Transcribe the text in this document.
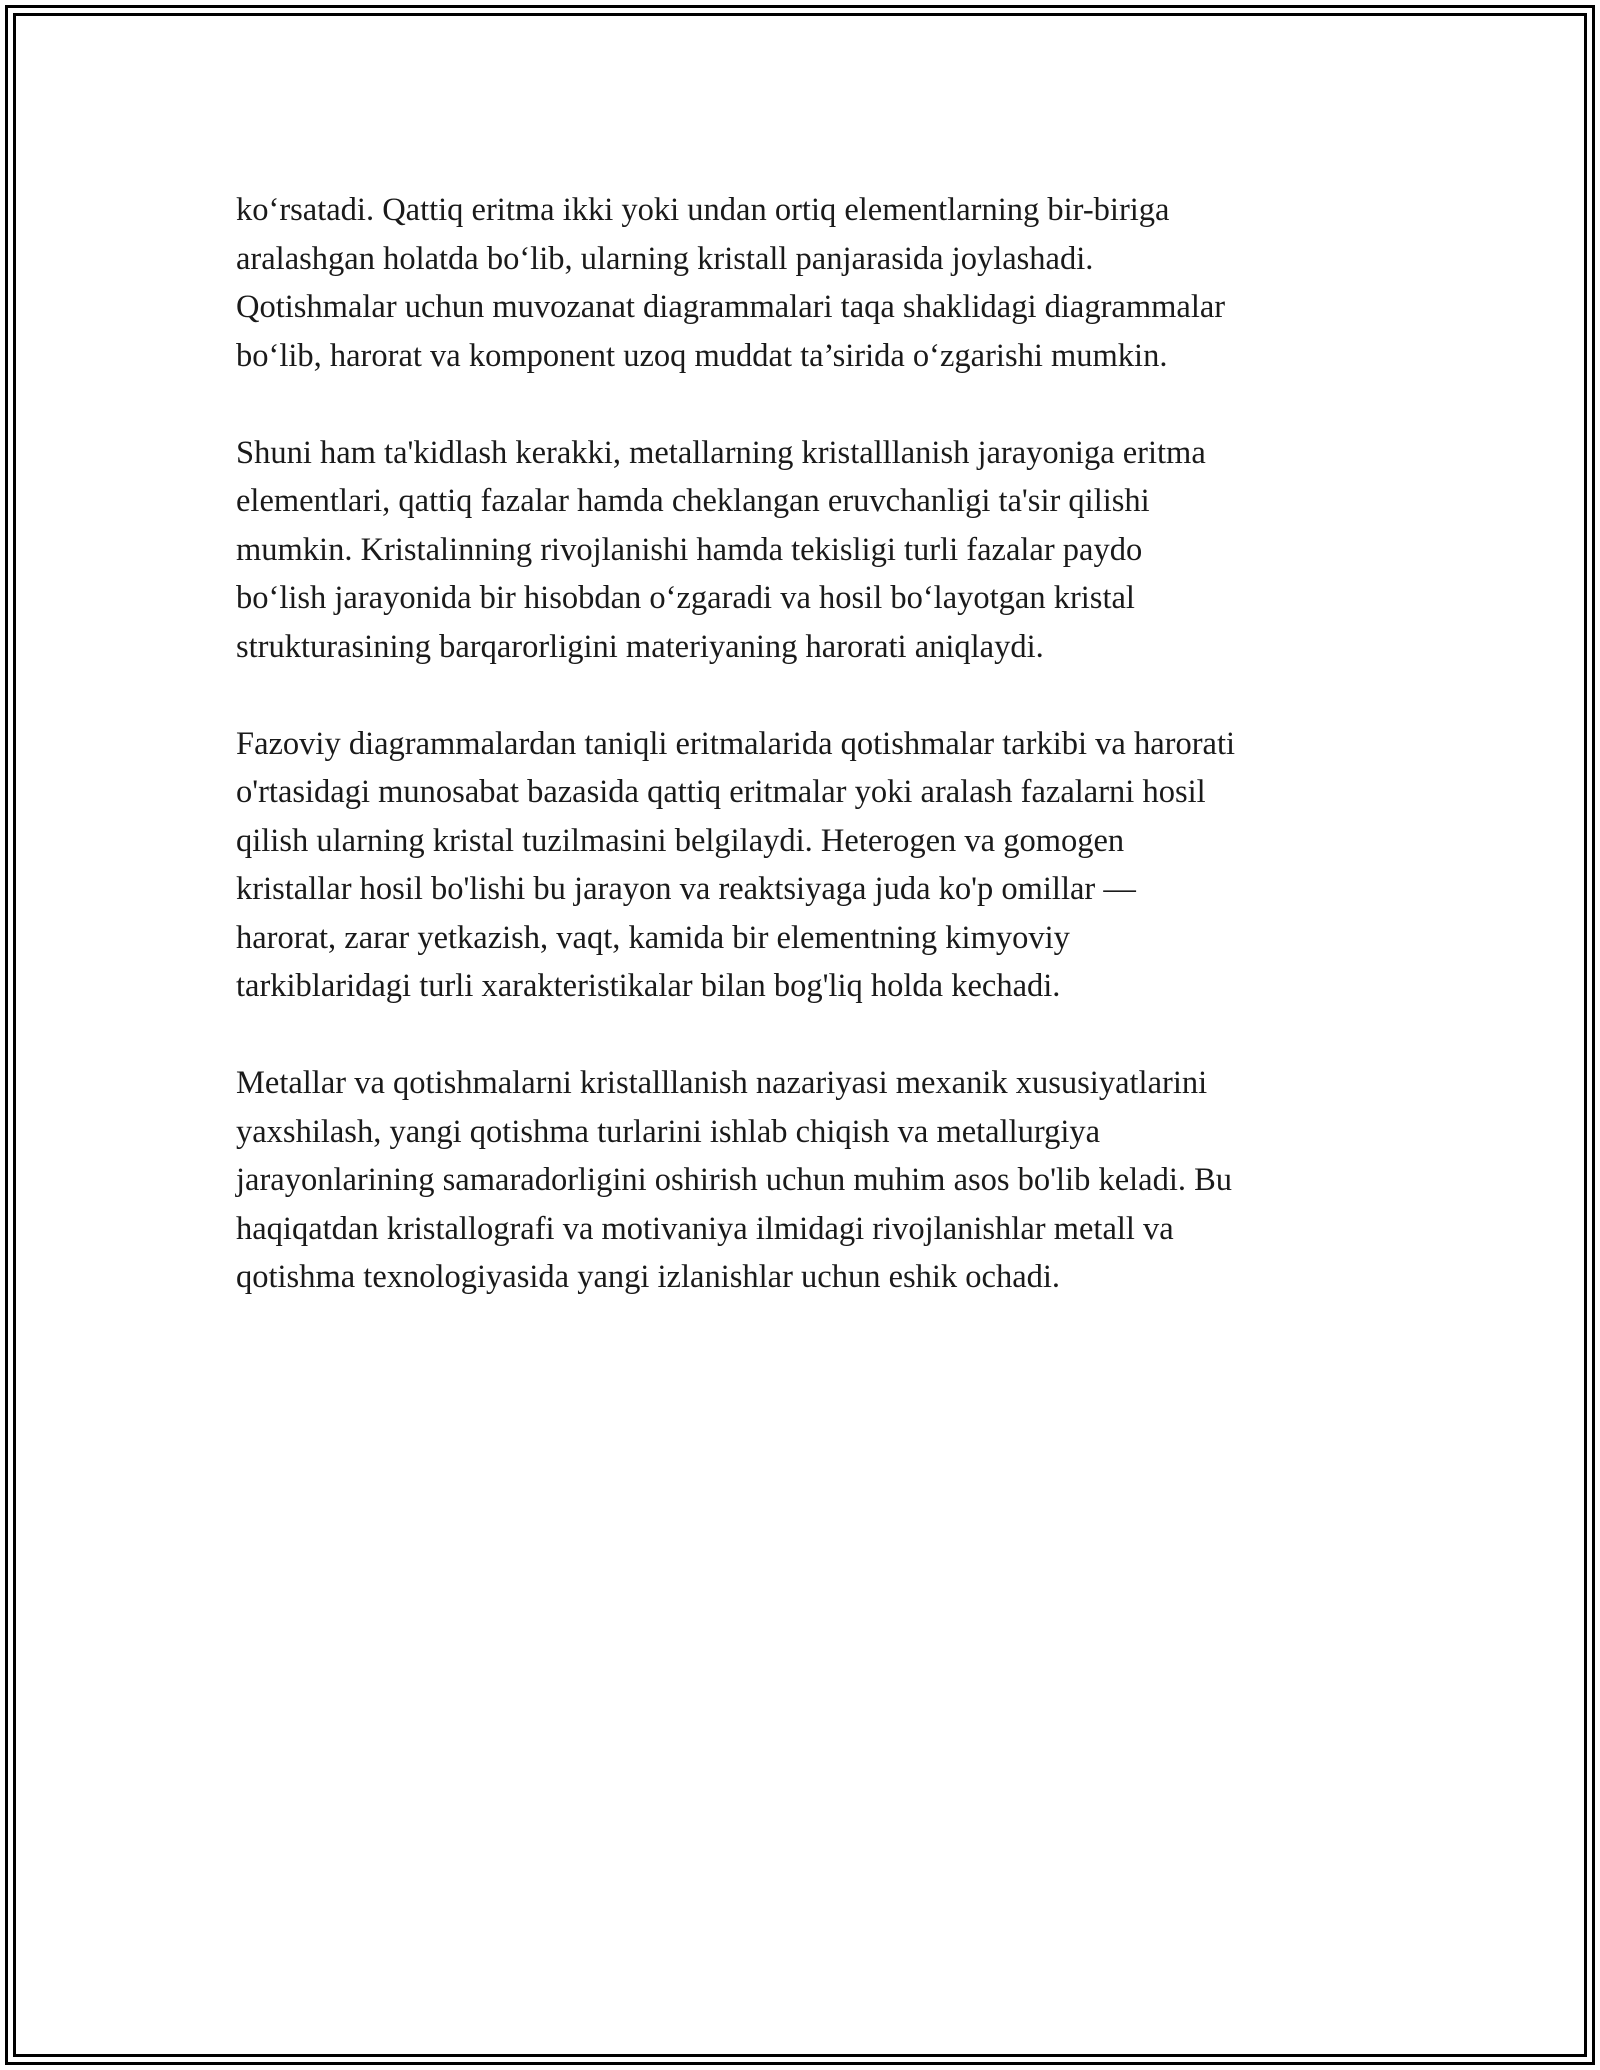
ko‘rsatadi. Qattiq eritma ikki yoki undan ortiq elementlarning bir-biriga
aralashgan holatda bo‘lib, ularning kristall panjarasida joylashadi.
Qotishmalar uchun muvozanat diagrammalari taqa shaklidagi diagrammalar
bo‘lib, harorat va komponent uzoq muddat ta’sirida o‘zgarishi mumkin.

Shuni ham ta'kidlash kerakki, metallarning kristalllanish jarayoniga eritma
elementlari, qattiq fazalar hamda cheklangan eruvchanligi ta'sir qilishi
mumkin. Kristalinning rivojlanishi hamda tekisligi turli fazalar paydo
bo‘lish jarayonida bir hisobdan o‘zgaradi va hosil bo‘layotgan kristal
strukturasining barqarorligini materiyaning harorati aniqlaydi.

Fazoviy diagrammalardan taniqli eritmalarida qotishmalar tarkibi va harorati
o'rtasidagi munosabat bazasida qattiq eritmalar yoki aralash fazalarni hosil
qilish ularning kristal tuzilmasini belgilaydi. Heterogen va gomogen
kristallar hosil bo'lishi bu jarayon va reaktsiyaga juda ko'p omillar —
harorat, zarar yetkazish, vaqt, kamida bir elementning kimyoviy
tarkiblaridagi turli xarakteristikalar bilan bog'liq holda kechadi.

Metallar va qotishmalarni kristalllanish nazariyasi mexanik xususiyatlarini
yaxshilash, yangi qotishma turlarini ishlab chiqish va metallurgiya
jarayonlarining samaradorligini oshirish uchun muhim asos bo'lib keladi. Bu
haqiqatdan kristallografi va motivaniya ilmidagi rivojlanishlar metall va
qotishma texnologiyasida yangi izlanishlar uchun eshik ochadi.
